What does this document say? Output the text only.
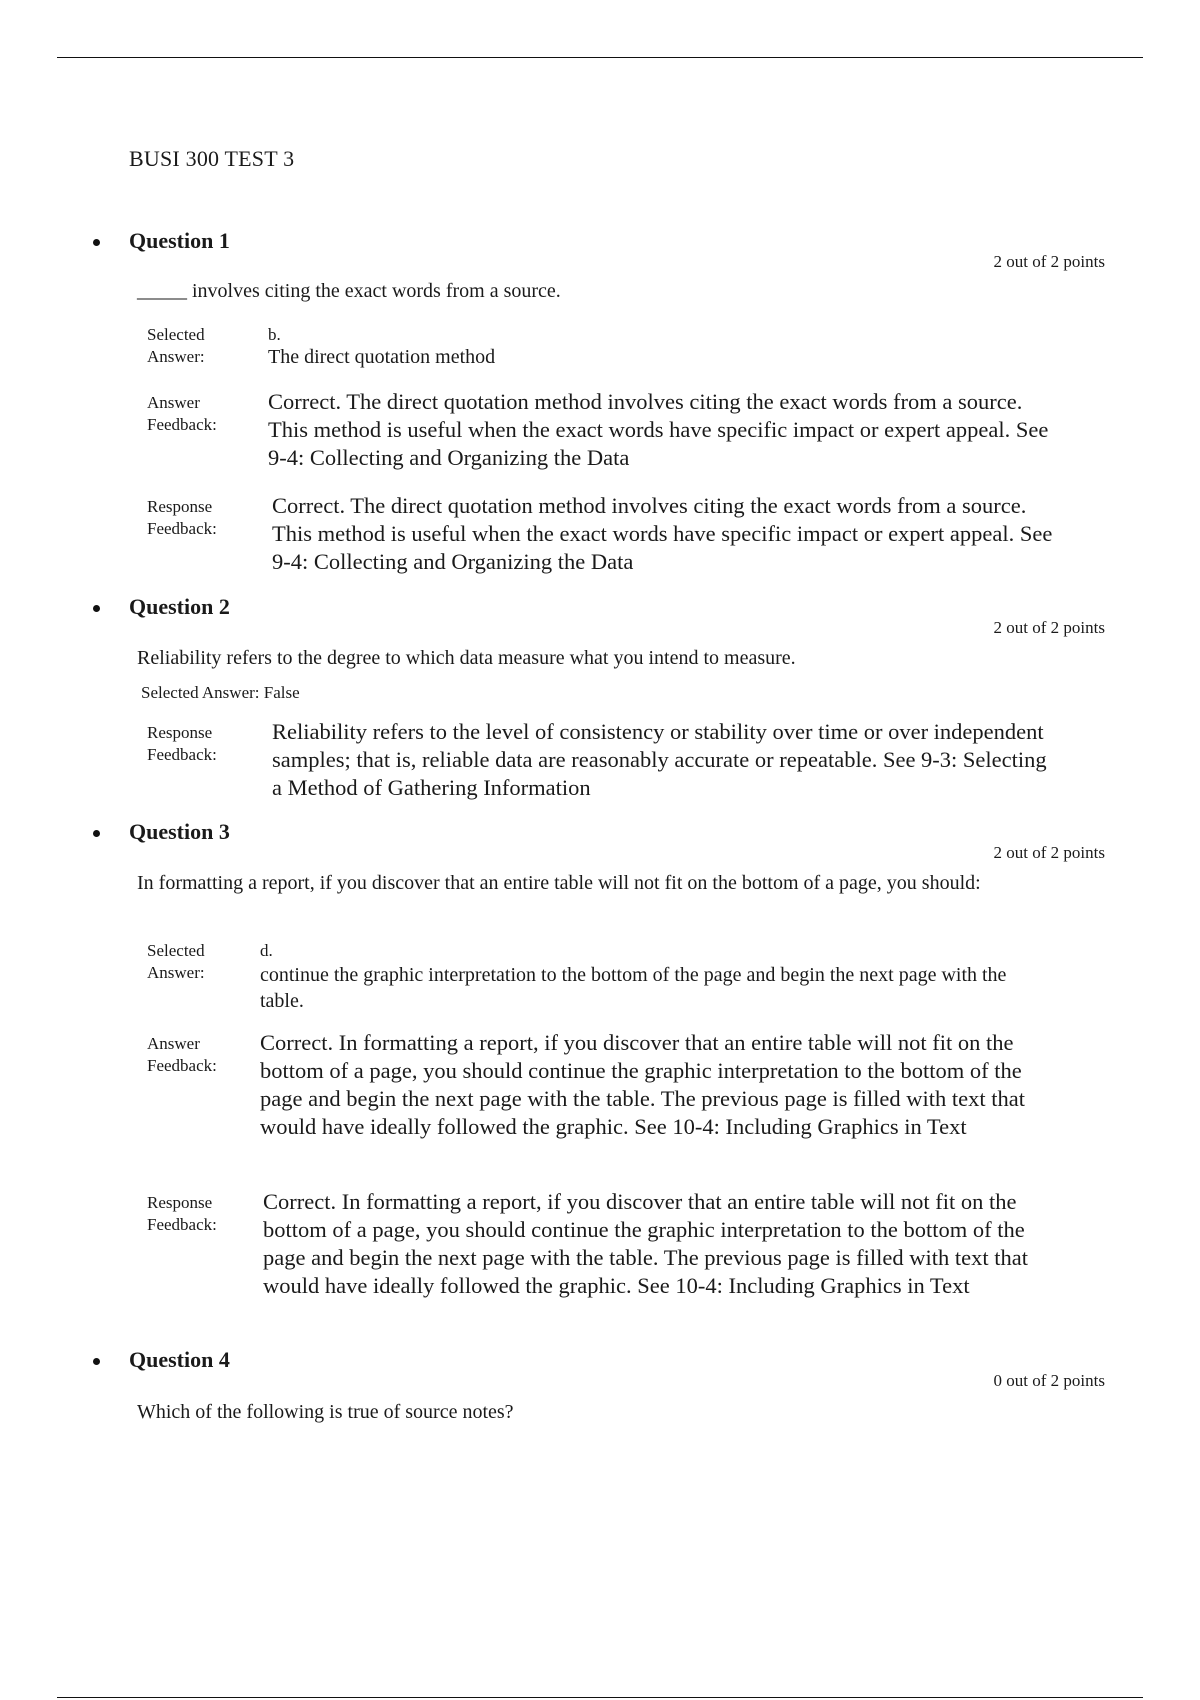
BUSI 300 TEST 3
Question 1
2 out of 2 points
_____ involves citing the exact words from a source.
Selected Answer:
b.
The direct quotation method
Answer Feedback:
Correct. The direct quotation method involves citing the exact words from a source. This method is useful when the exact words have specific impact or expert appeal. See 9-4: Collecting and Organizing the Data
Response Feedback:
Correct. The direct quotation method involves citing the exact words from a source. This method is useful when the exact words have specific impact or expert appeal. See 9-4: Collecting and Organizing the Data
Question 2
2 out of 2 points
Reliability refers to the degree to which data measure what you intend to measure.
Selected Answer: False
Response Feedback:
Reliability refers to the level of consistency or stability over time or over independent samples; that is, reliable data are reasonably accurate or repeatable. See 9-3: Selecting a Method of Gathering Information
Question 3
2 out of 2 points
In formatting a report, if you discover that an entire table will not fit on the bottom of a page, you should:
Selected Answer:
d.
continue the graphic interpretation to the bottom of the page and begin the next page with the table.
Answer Feedback:
Correct. In formatting a report, if you discover that an entire table will not fit on the bottom of a page, you should continue the graphic interpretation to the bottom of the page and begin the next page with the table. The previous page is filled with text that would have ideally followed the graphic. See 10-4: Including Graphics in Text
Response Feedback:
Correct. In formatting a report, if you discover that an entire table will not fit on the bottom of a page, you should continue the graphic interpretation to the bottom of the page and begin the next page with the table. The previous page is filled with text that would have ideally followed the graphic. See 10-4: Including Graphics in Text
Question 4
0 out of 2 points
Which of the following is true of source notes?
